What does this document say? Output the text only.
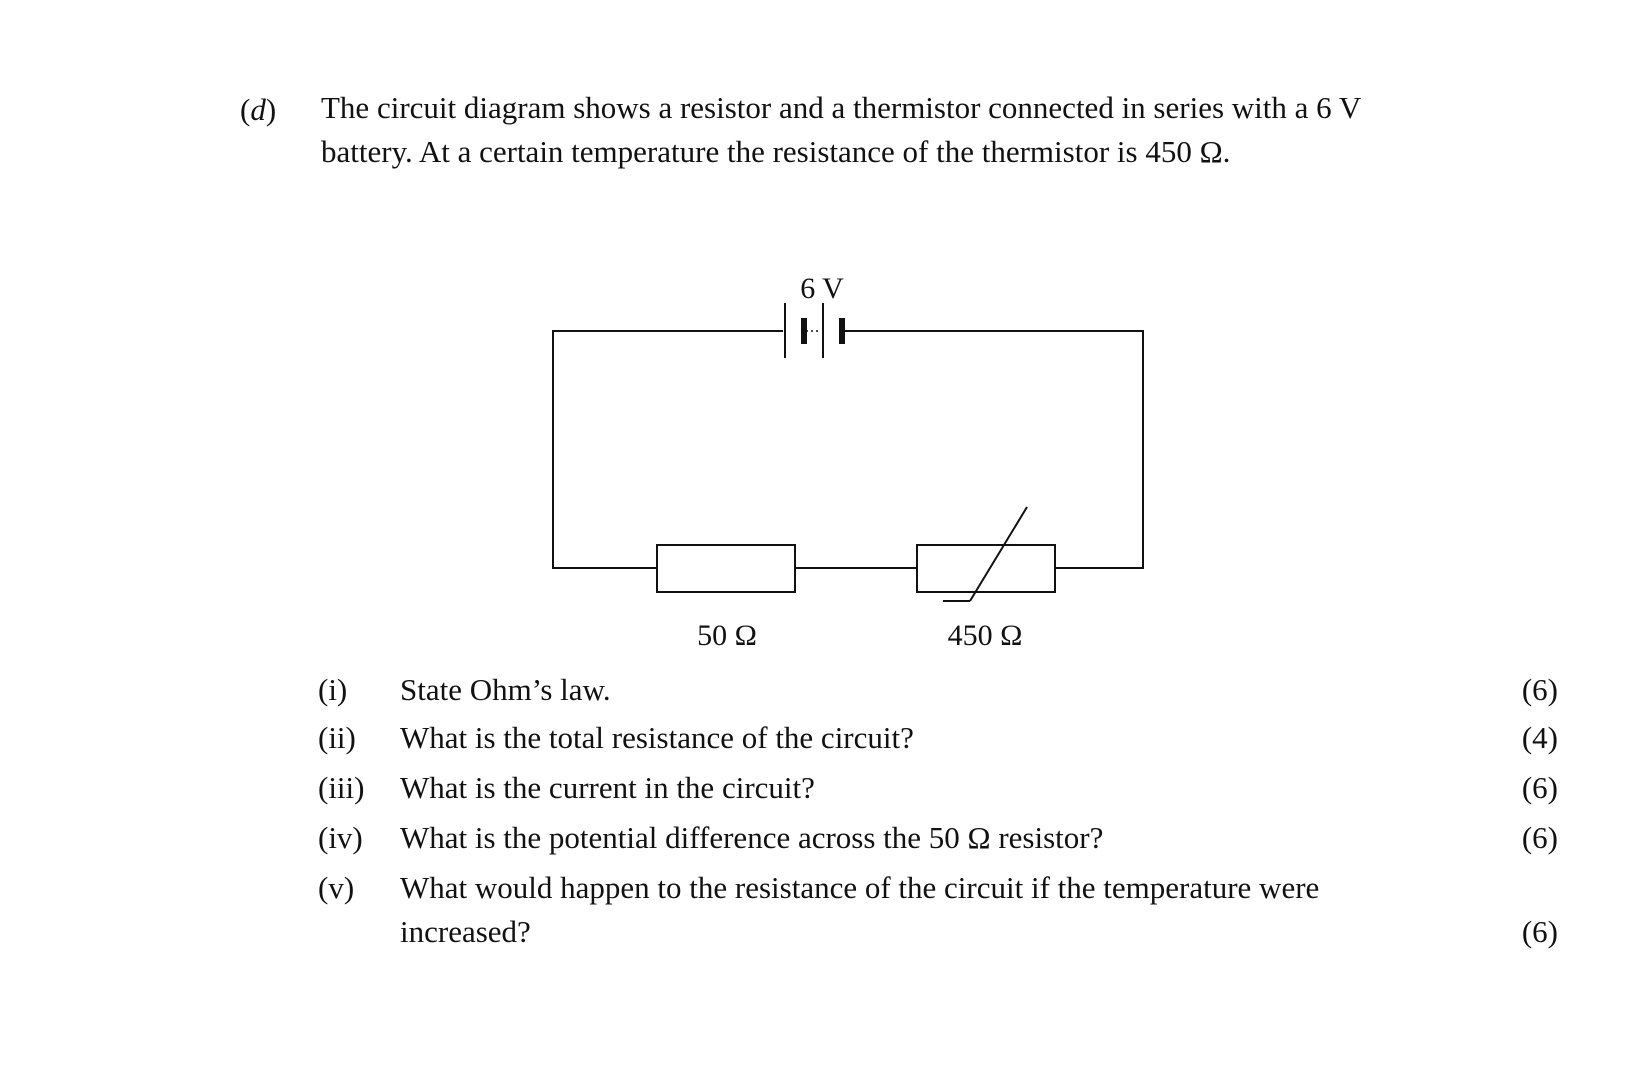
(d) The circuit diagram shows a resistor and a thermistor connected in series with a 6 V
battery. At a certain temperature the resistance of the thermistor is 450 Ω.

6 V
50 Ω	450 Ω
(i) State Ohm’s law.	(6)
(ii) What is the total resistance of the circuit?	(4)
(iii) What is the current in the circuit?	(6)
(iv) What is the potential difference across the 50 Ω resistor?	(6)
(v) What would happen to the resistance of the circuit if the temperature were
increased?	(6)
